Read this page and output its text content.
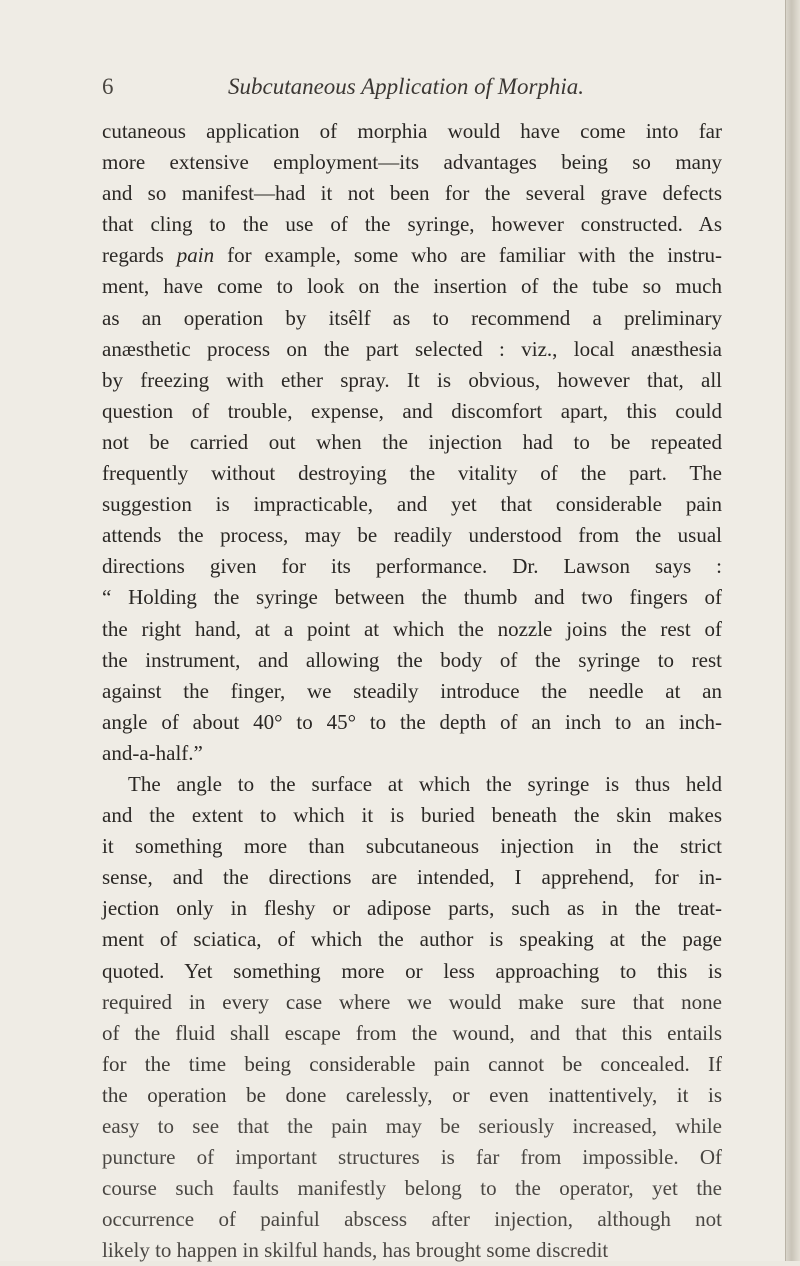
6	Subcutaneous Application of Morphia.
cutaneous application of morphia would have come into far
more extensive employment—its advantages being so many
and so manifest—had it not been for the several grave defects
that cling to the use of the syringe, however constructed. As
regards pain for example, some who are familiar with the instru-
ment, have come to look on the insertion of the tube so much
as an operation by itsêlf as to recommend a preliminary
anæsthetic process on the part selected : viz., local anæsthesia
by freezing with ether spray. It is obvious, however that, all
question of trouble, expense, and discomfort apart, this could
not be carried out when the injection had to be repeated
frequently without destroying the vitality of the part. The
suggestion is impracticable, and yet that considerable pain
attends the process, may be readily understood from the usual
directions given for its performance. Dr. Lawson says :
“ Holding the syringe between the thumb and two fingers of
the right hand, at a point at which the nozzle joins the rest of
the instrument, and allowing the body of the syringe to rest
against the finger, we steadily introduce the needle at an
angle of about 40° to 45° to the depth of an inch to an inch-
and-a-half.”
The angle to the surface at which the syringe is thus held
and the extent to which it is buried beneath the skin makes
it something more than subcutaneous injection in the strict
sense, and the directions are intended, I apprehend, for in-
jection only in fleshy or adipose parts, such as in the treat-
ment of sciatica, of which the author is speaking at the page
quoted. Yet something more or less approaching to this is
required in every case where we would make sure that none
of the fluid shall escape from the wound, and that this entails
for the time being considerable pain cannot be concealed. If
the operation be done carelessly, or even inattentively, it is
easy to see that the pain may be seriously increased, while
puncture of important structures is far from impossible. Of
course such faults manifestly belong to the operator, yet the
occurrence of painful abscess after injection, although not
likely to happen in skilful hands, has brought some discredit
